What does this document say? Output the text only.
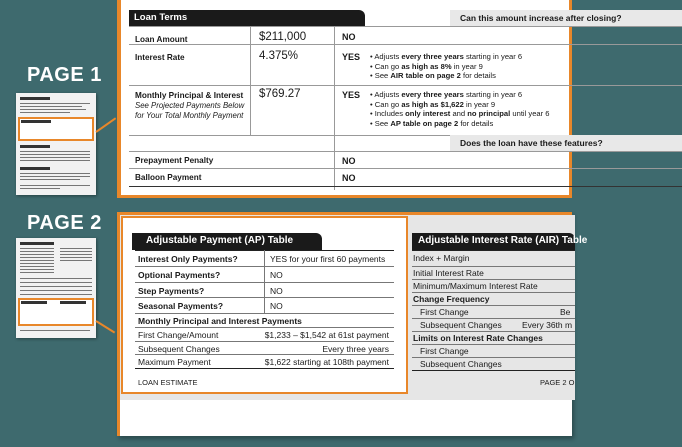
PAGE 1
PAGE 2
Loan Terms	Can this amount increase after closing?
Loan Amount	$211,000	NO
Interest Rate	4.375%	YES • Adjusts every three years starting in year 6
• Can go as high as 8% in year 9
• See AIR table on page 2 for details
Monthly Principal & Interest
See Projected Payments Below
for Your Total Monthly Payment
$769.27	YES • Adjusts every three years starting in year 6
• Can go as high as $1,622 in year 9
• Includes only interest and no principal until year 6
• See AP table on page 2 for details
Does the loan have these features?
Prepayment Penalty	NO
Balloon Payment	NO
Adjustable Payment (AP) Table	Adjustable Interest Rate (AIR) Table
Interest Only Payments?	YES for your first 60 payments
Optional Payments?	NO
Step Payments?	NO
Seasonal Payments?	NO
Monthly Principal and Interest Payments
First Change/Amount	$1,233 – $1,542 at 61st payment
Subsequent Changes	Every three years
Maximum Payment	$1,622 starting at 108th payment
Index + Margin
Initial Interest Rate
Minimum/Maximum Interest Rate
Change Frequency
First Change	Be
Subsequent Changes Every 36th m
Limits on Interest Rate Changes
First Change
Subsequent Changes
LOAN ESTIMATE	PAGE 2 O
